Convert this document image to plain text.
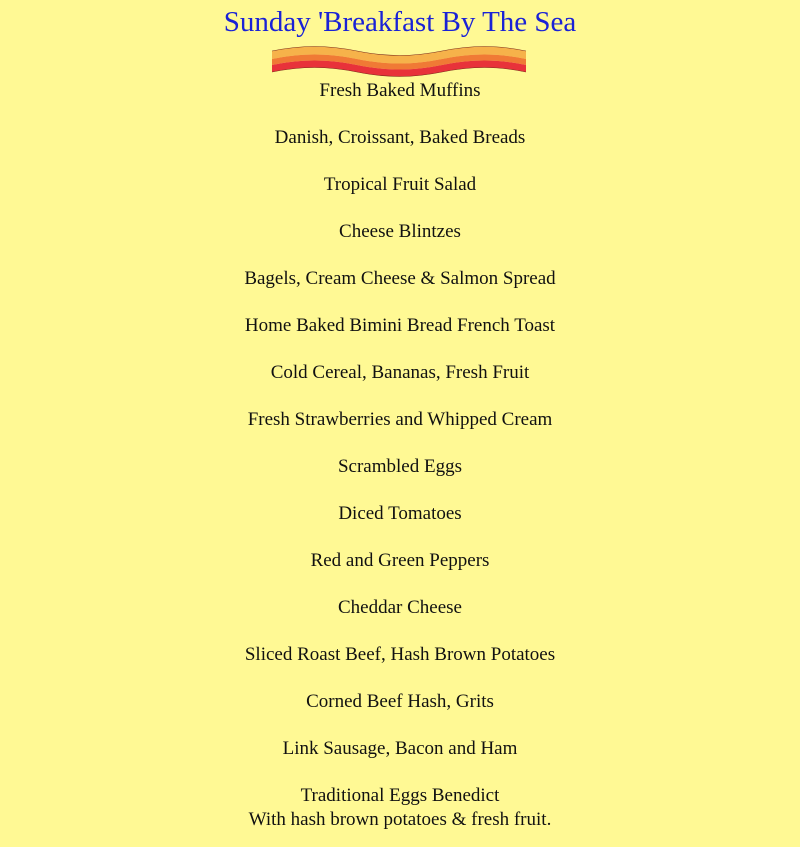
Sunday 'Breakfast By The Sea
Fresh Baked Muffins
Danish, Croissant, Baked Breads
Tropical Fruit Salad
Cheese Blintzes
Bagels, Cream Cheese & Salmon Spread
Home Baked Bimini Bread French Toast
Cold Cereal, Bananas, Fresh Fruit
Fresh Strawberries and Whipped Cream
Scrambled Eggs
Diced Tomatoes
Red and Green Peppers
Cheddar Cheese
Sliced Roast Beef, Hash Brown Potatoes
Corned Beef Hash, Grits
Link Sausage, Bacon and Ham
Traditional Eggs Benedict
With hash brown potatoes & fresh fruit.
